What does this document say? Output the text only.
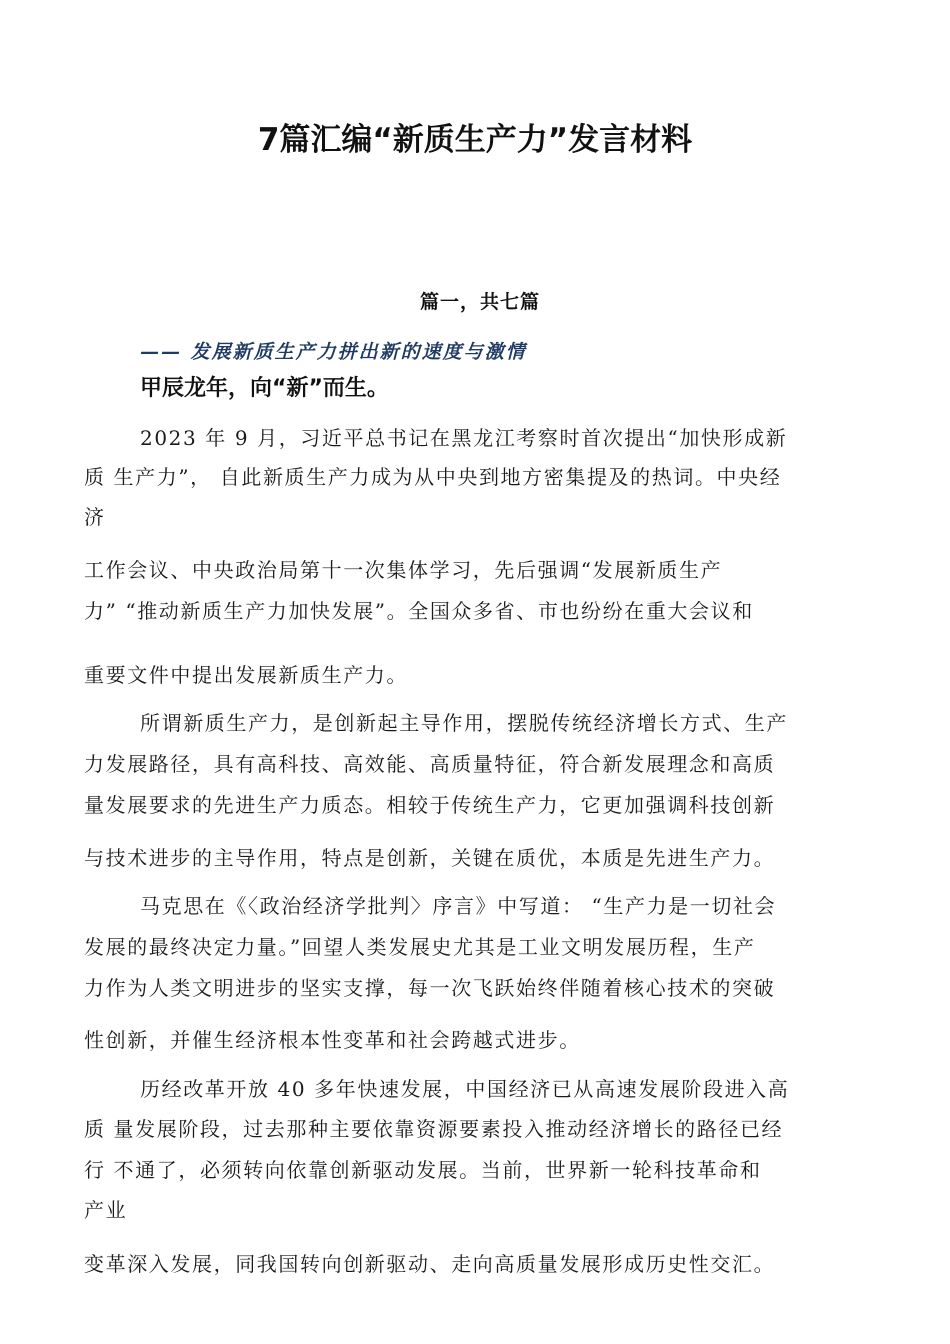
7篇汇编“新质生产力”发言材料
篇一，共七篇
—— 发展新质生产力拼出新的速度与激情
甲辰龙年，向“新”而生。
2023 年 9 月，习近平总书记在黑龙江考察时首次提出“加快形成新
质 生产力”， 自此新质生产力成为从中央到地方密集提及的热词。中央经
济
工作会议、中央政治局第十一次集体学习，先后强调“发展新质生产
力” “推动新质生产力加快发展”。全国众多省、市也纷纷在重大会议和
重要文件中提出发展新质生产力。
所谓新质生产力，是创新起主导作用，摆脱传统经济增长方式、生产
力发展路径，具有高科技、高效能、高质量特征，符合新发展理念和高质
量发展要求的先进生产力质态。相较于传统生产力，它更加强调科技创新
与技术进步的主导作用，特点是创新，关键在质优，本质是先进生产力。
马克思在《〈政治经济学批判〉序言》中写道： “生产力是一切社会
发展的最终决定力量。”回望人类发展史尤其是工业文明发展历程，生产
力作为人类文明进步的坚实支撑，每一次飞跃始终伴随着核心技术的突破
性创新，并催生经济根本性变革和社会跨越式进步。
历经改革开放 40 多年快速发展，中国经济已从高速发展阶段进入高
质 量发展阶段，过去那种主要依靠资源要素投入推动经济增长的路径已经
行 不通了，必须转向依靠创新驱动发展。当前，世界新一轮科技革命和
产业
变革深入发展，同我国转向创新驱动、走向高质量发展形成历史性交汇。
